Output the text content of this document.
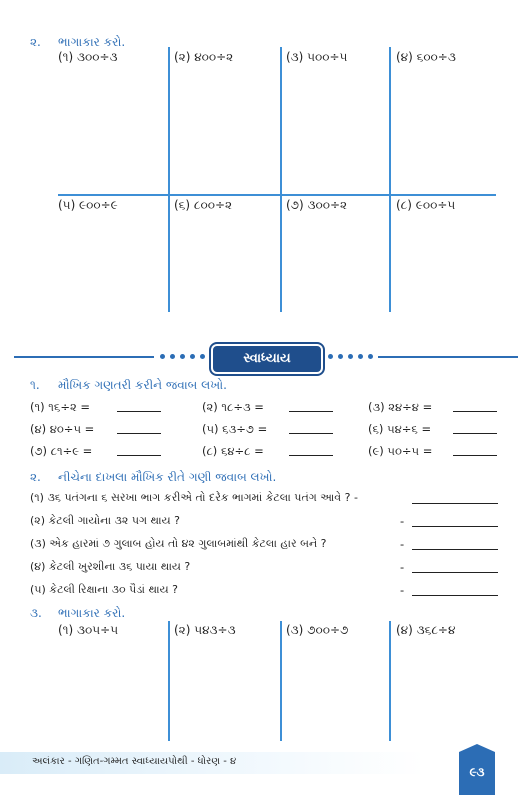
૨. ભાગાકાર કરો.
(૧) ૩૦૦÷૩	(૨) ૪૦૦÷૨	(૩) ૫૦૦÷૫	(૪) ૬૦૦÷૩
(૫) ૯૦૦÷૯	(૬) ૮૦૦÷૨	(૭) ૩૦૦÷૨	(૮) ૯૦૦÷૫
સ્વાધ્યાય
૧. મૌખિક ગણતરી કરીને જવાબ લખો.
(૧) ૧૬÷૨ =	(૨) ૧૮÷૩ =	(૩) ૨૪÷૪ =
(૪) ૪૦÷૫ =	(૫) ૬૩÷૭ =	(૬) ૫૪÷૬ =
(૭) ૮૧÷૯ =	(૮) ૬૪÷૮ =	(૯) ૫૦÷૫ =
૨. નીચેના દાખલા મૌખિક રીતે ગણી જવાબ લખો.
(૧) ૩૬ પતંગના ૬ સરખા ભાગ કરીએ તો દરેક ભાગમાં કેટલા પતંગ આવે ? -
(૨) કેટલી ગાયોના ૩૨ પગ થાય ?	-
(૩) એક હારમાં ૭ ગુલાબ હોય તો ૪૨ ગુલાબમાંથી કેટલા હાર બને ?	-
(૪) કેટલી ખુરશીના ૩૬ પાયા થાય ?	-
(૫) કેટલી રિક્ષાના ૩૦ પૈડાં થાય ?	-
૩. ભાગાકાર કરો.
(૧) ૩૦૫÷૫	(૨) ૫૪૩÷૩	(૩) ૭૦૦÷૭	(૪) ૩૬૮÷૪
અલંકાર - ગણિત-ગમ્મત સ્વાધ્યાયપોથી - ધોરણ - ૪
૯૩
